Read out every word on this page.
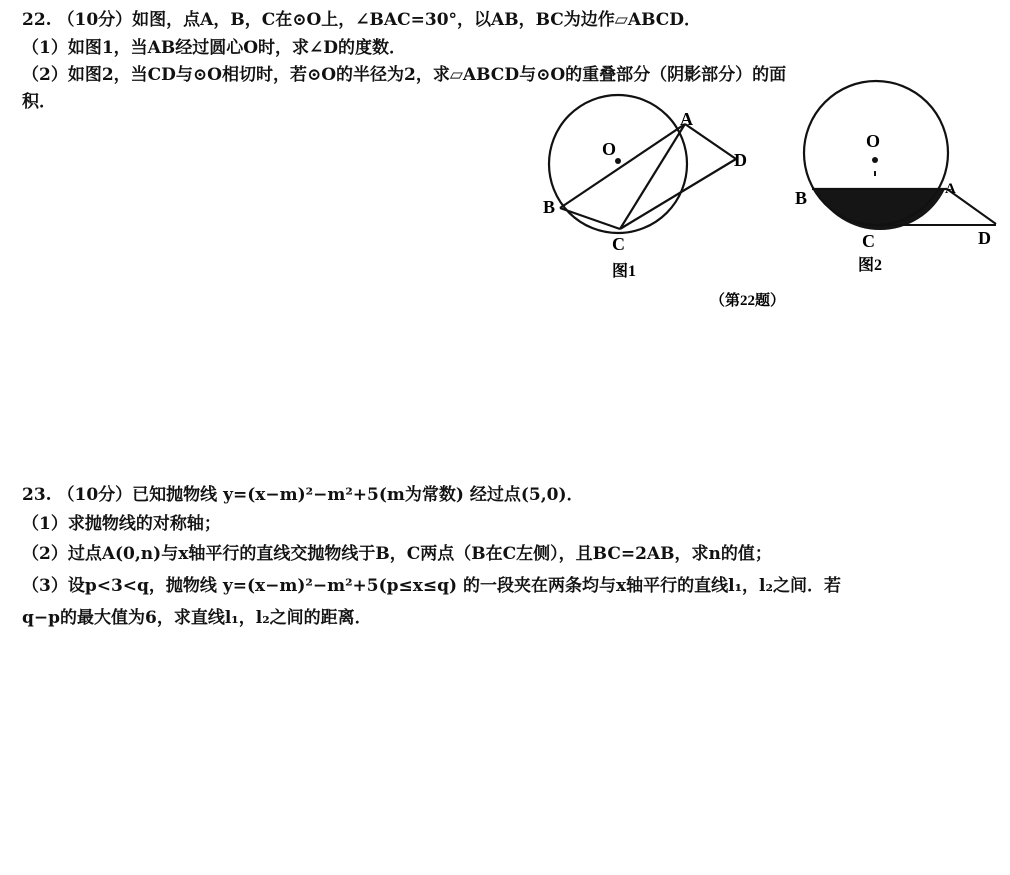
22. （10分）如图，点A，B，C在⊙O上，∠BAC=30°，以AB，BC为边作▱ABCD．
（1）如图1，当AB经过圆心O时，求∠D的度数．
（2）如图2，当CD与⊙O相切时，若⊙O的半径为2，求▱ABCD与⊙O的重叠部分（阴影部分）的面
积．
O
A
B
C
D
图1
O
A
B
C	D
图2
（第22题）
23. （10分）已知抛物线 y=(x−m)²−m²+5(m为常数) 经过点(5,0)．
（1）求抛物线的对称轴；
（2）过点A(0,n)与x轴平行的直线交抛物线于B，C两点（B在C左侧），且BC=2AB，求n的值；
（3）设p<3<q，抛物线 y=(x−m)²−m²+5(p≤x≤q) 的一段夹在两条均与x轴平行的直线l₁，l₂之间．若
q−p的最大值为6，求直线l₁，l₂之间的距离．
